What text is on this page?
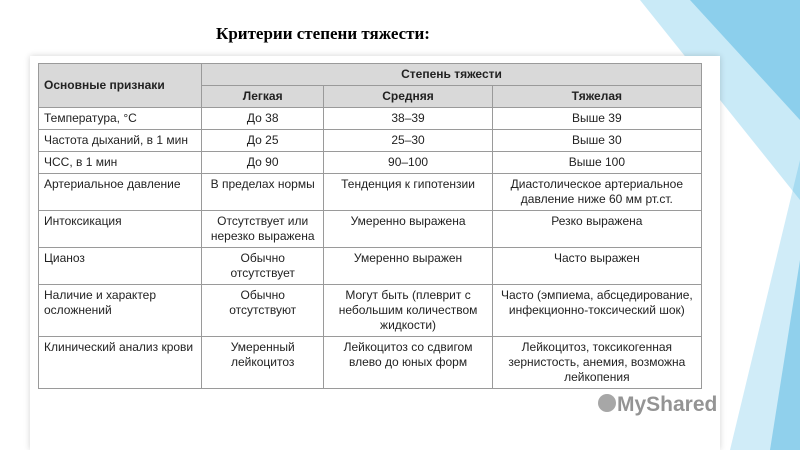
Критерии степени тяжести:
Основные признаки	Степень тяжести		
	Легкая	Средняя	Тяжелая
Температура, °С	До 38	38–39	Выше 39
Частота дыханий, в 1 мин	До 25	25–30	Выше 30
ЧСС, в 1 мин	До 90	90–100	Выше 100
Артериальное давление	В пределах нормы	Тенденция к гипотензии	Диастолическое артериальное давление ниже 60 мм рт.ст.
Интоксикация	Отсутствует или нерезко выражена	Умеренно выражена	Резко выражена
Цианоз	Обычно отсутствует	Умеренно выражен	Часто выражен
Наличие и характер осложнений	Обычно отсутствуют	Могут быть (плеврит с небольшим количеством жидкости)	Часто (эмпиема, абсцедирование, инфекционно-токсический шок)
Клинический анализ крови	Умеренный лейкоцитоз	Лейкоцитоз со сдвигом влево до юных форм	Лейкоцитоз, токсикогенная зернистость, анемия, возможна лейкопения
MyShared
